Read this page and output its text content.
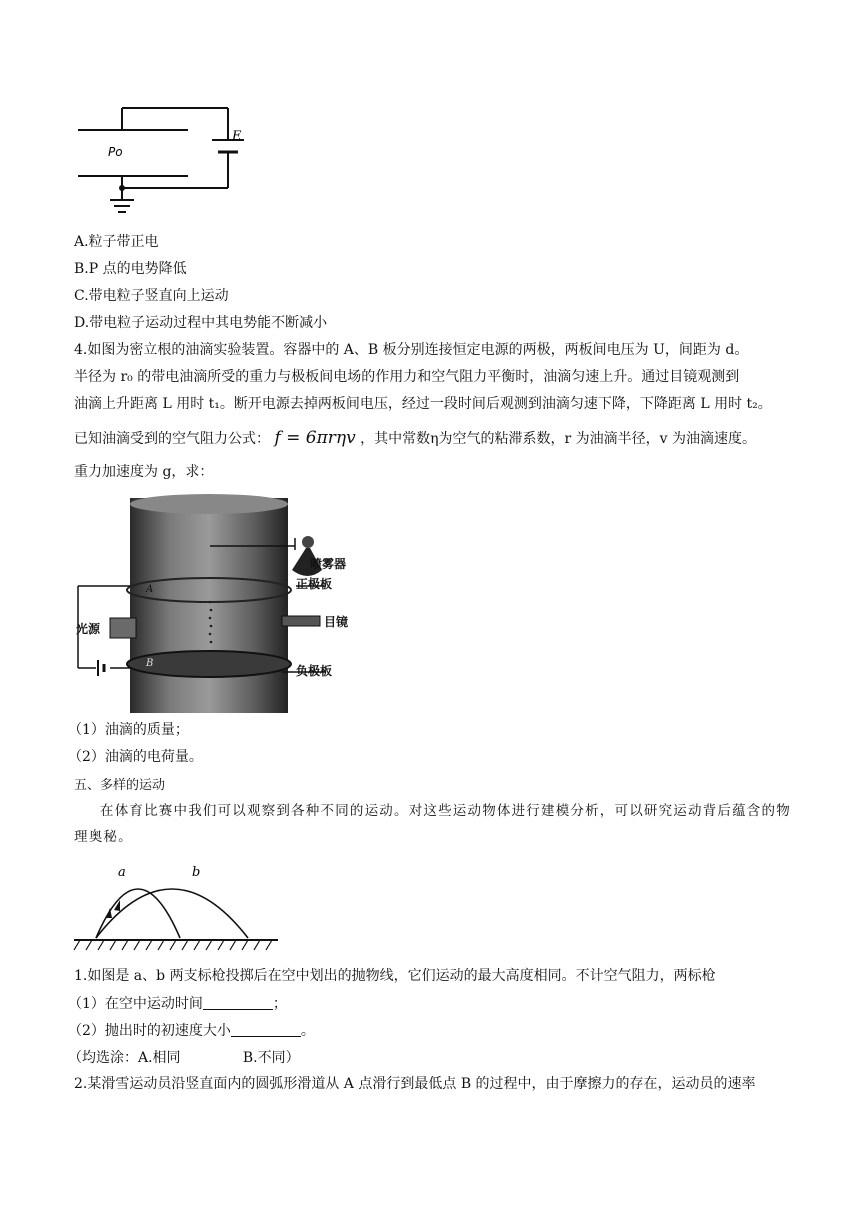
Po
E
A.粒子带正电
B.P 点的电势降低
C.带电粒子竖直向上运动
D.带电粒子运动过程中其电势能不断减小
4.如图为密立根的油滴实验装置。容器中的 A、B 板分别连接恒定电源的两极，两板间电压为 U，间距为 d。
半径为 r₀ 的带电油滴所受的重力与极板间电场的作用力和空气阻力平衡时，油滴匀速上升。通过目镜观测到
油滴上升距离 L 用时 t₁。断开电源去掉两板间电压，经过一段时间后观测到油滴匀速下降，下降距离 L 用时 t₂。
已知油滴受到的空气阻力公式： f = 6πrηv ，其中常数η为空气的粘滞系数，r 为油滴半径，v 为油滴速度。
重力加速度为 g，求：
喷雾器
正极板
光源	目镜
负极板
A
B
（1）油滴的质量；
（2）油滴的电荷量。
五、多样的运动
在体育比赛中我们可以观察到各种不同的运动。对这些运动物体进行建模分析，可以研究运动背后蕴含的物理奥秘。
a	b
1.如图是 a、b 两支标枪投掷后在空中划出的抛物线，它们运动的最大高度相同。不计空气阻力，两标枪
（1）在空中运动时间	；
（2）抛出时的初速度大小	。
（均选涂：A.相同              B.不同）
2.某滑雪运动员沿竖直面内的圆弧形滑道从 A 点滑行到最低点 B 的过程中，由于摩擦力的存在，运动员的速率
